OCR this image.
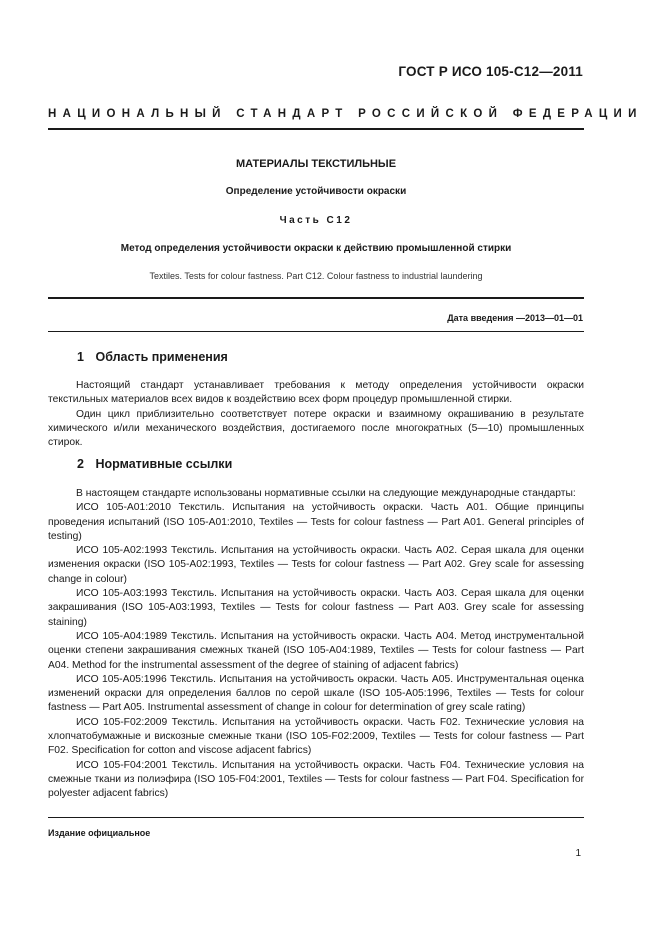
ГОСТ Р ИСО 105-С12—2011
НАЦИОНАЛЬНЫЙ СТАНДАРТ РОССИЙСКОЙ ФЕДЕРАЦИИ
МАТЕРИАЛЫ ТЕКСТИЛЬНЫЕ
Определение устойчивости окраски
Часть С12
Метод определения устойчивости окраски к действию промышленной стирки
Textiles. Tests for colour fastness. Part C12. Colour fastness to industrial laundering
Дата введения —2013—01—01
1 Область применения

Настоящий стандарт устанавливает требования к методу определения устойчивости окраски текстильных материалов всех видов к воздействию всех форм процедур промышленной стирки.

Один цикл приблизительно соответствует потере окраски и взаимному окрашиванию в результате химического и/или механического воздействия, достигаемого после многократных (5—10) промышленных стирок.

2 Нормативные ссылки

В настоящем стандарте использованы нормативные ссылки на следующие международные стандарты:

ИСО 105-А01:2010 Текстиль. Испытания на устойчивость окраски. Часть А01. Общие принципы проведения испытаний (ISO 105-A01:2010, Textiles — Tests for colour fastness — Part A01. General principles of testing)

ИСО 105-А02:1993 Текстиль. Испытания на устойчивость окраски. Часть А02. Серая шкала для оценки изменения окраски (ISO 105-A02:1993, Textiles — Tests for colour fastness — Part A02. Grey scale for assessing change in colour)

ИСО 105-А03:1993 Текстиль. Испытания на устойчивость окраски. Часть А03. Серая шкала для оценки закрашивания (ISO 105-A03:1993, Textiles — Tests for colour fastness — Part A03. Grey scale for assessing staining)

ИСО 105-А04:1989 Текстиль. Испытания на устойчивость окраски. Часть А04. Метод инструментальной оценки степени закрашивания смежных тканей (ISO 105-A04:1989, Textiles — Tests for colour fastness — Part A04. Method for the instrumental assessment of the degree of staining of adjacent fabrics)

ИСО 105-А05:1996 Текстиль. Испытания на устойчивость окраски. Часть А05. Инструментальная оценка изменений окраски для определения баллов по серой шкале (ISO 105-A05:1996, Textiles — Tests for colour fastness — Part A05. Instrumental assessment of change in colour for determination of grey scale rating)

ИСО 105-F02:2009 Текстиль. Испытания на устойчивость окраски. Часть F02. Технические условия на хлопчатобумажные и вискозные смежные ткани (ISO 105-F02:2009, Textiles — Tests for colour fastness — Part F02. Specification for cotton and viscose adjacent fabrics)

ИСО 105-F04:2001 Текстиль. Испытания на устойчивость окраски. Часть F04. Технические условия на смежные ткани из полиэфира (ISO 105-F04:2001, Textiles — Tests for colour fastness — Part F04. Specification for polyester adjacent fabrics)

Издание официальное
1
